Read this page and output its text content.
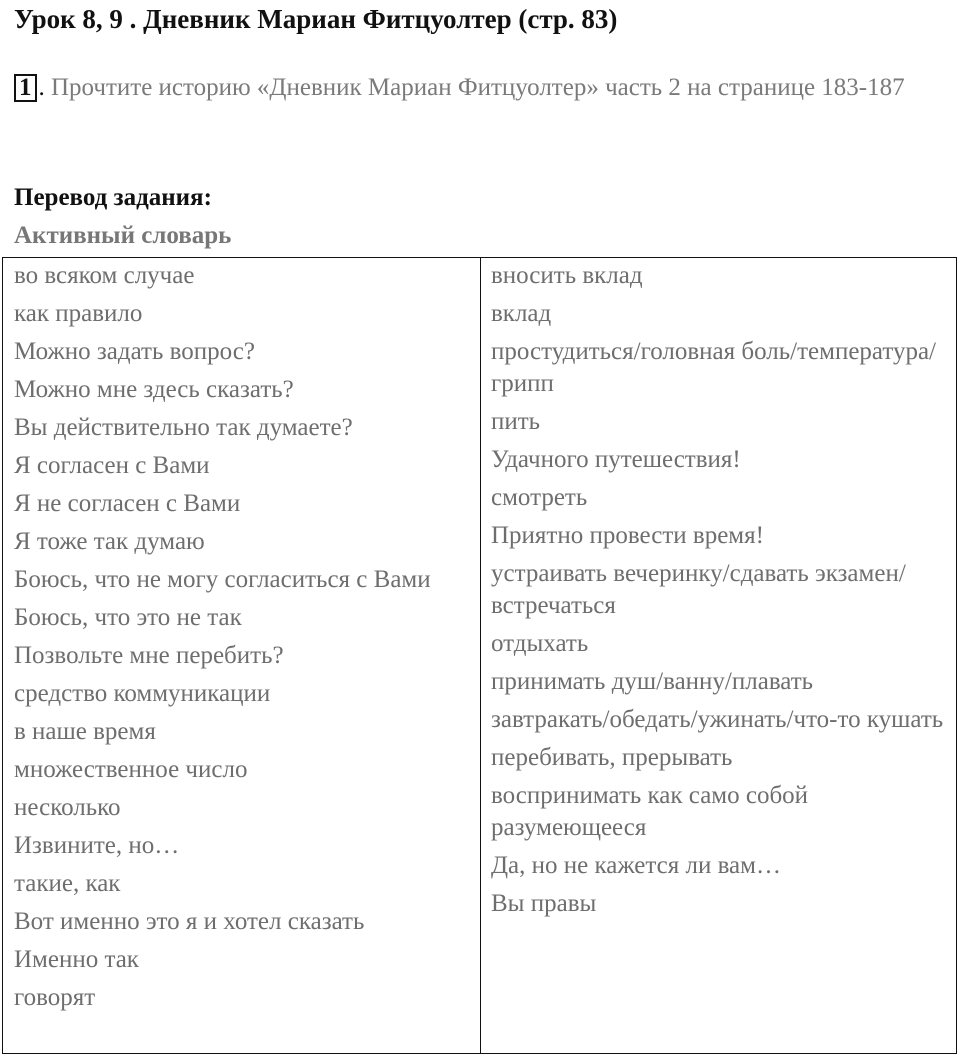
Урок 8, 9 . Дневник Мариан Фитцуолтер (стр. 83)
1 . Прочтите историю «Дневник Мариан Фитцуолтер» часть 2 на странице 183-187
Перевод задания:
Активный словарь
во всяком случае
как правило
Можно задать вопрос?
Можно мне здесь сказать?
Вы действительно так думаете?
Я согласен с Вами
Я не согласен с Вами
Я тоже так думаю
Боюсь, что не могу согласиться с Вами
Боюсь, что это не так
Позвольте мне перебить?
средство коммуникации
в наше время
множественное число
несколько
Извините, но…
такие, как
Вот именно это я и хотел сказать
Именно так
говорят
вносить вклад
вклад
простудиться/головная боль/температура/грипп
пить
Удачного путешествия!
смотреть
Приятно провести время!
устраивать вечеринку/сдавать экзамен/встречаться
отдыхать
принимать душ/ванну/плавать
завтракать/обедать/ужинать/что-то кушать
перебивать, прерывать
воспринимать как само собой разумеющееся
Да, но не кажется ли вам…
Вы правы
